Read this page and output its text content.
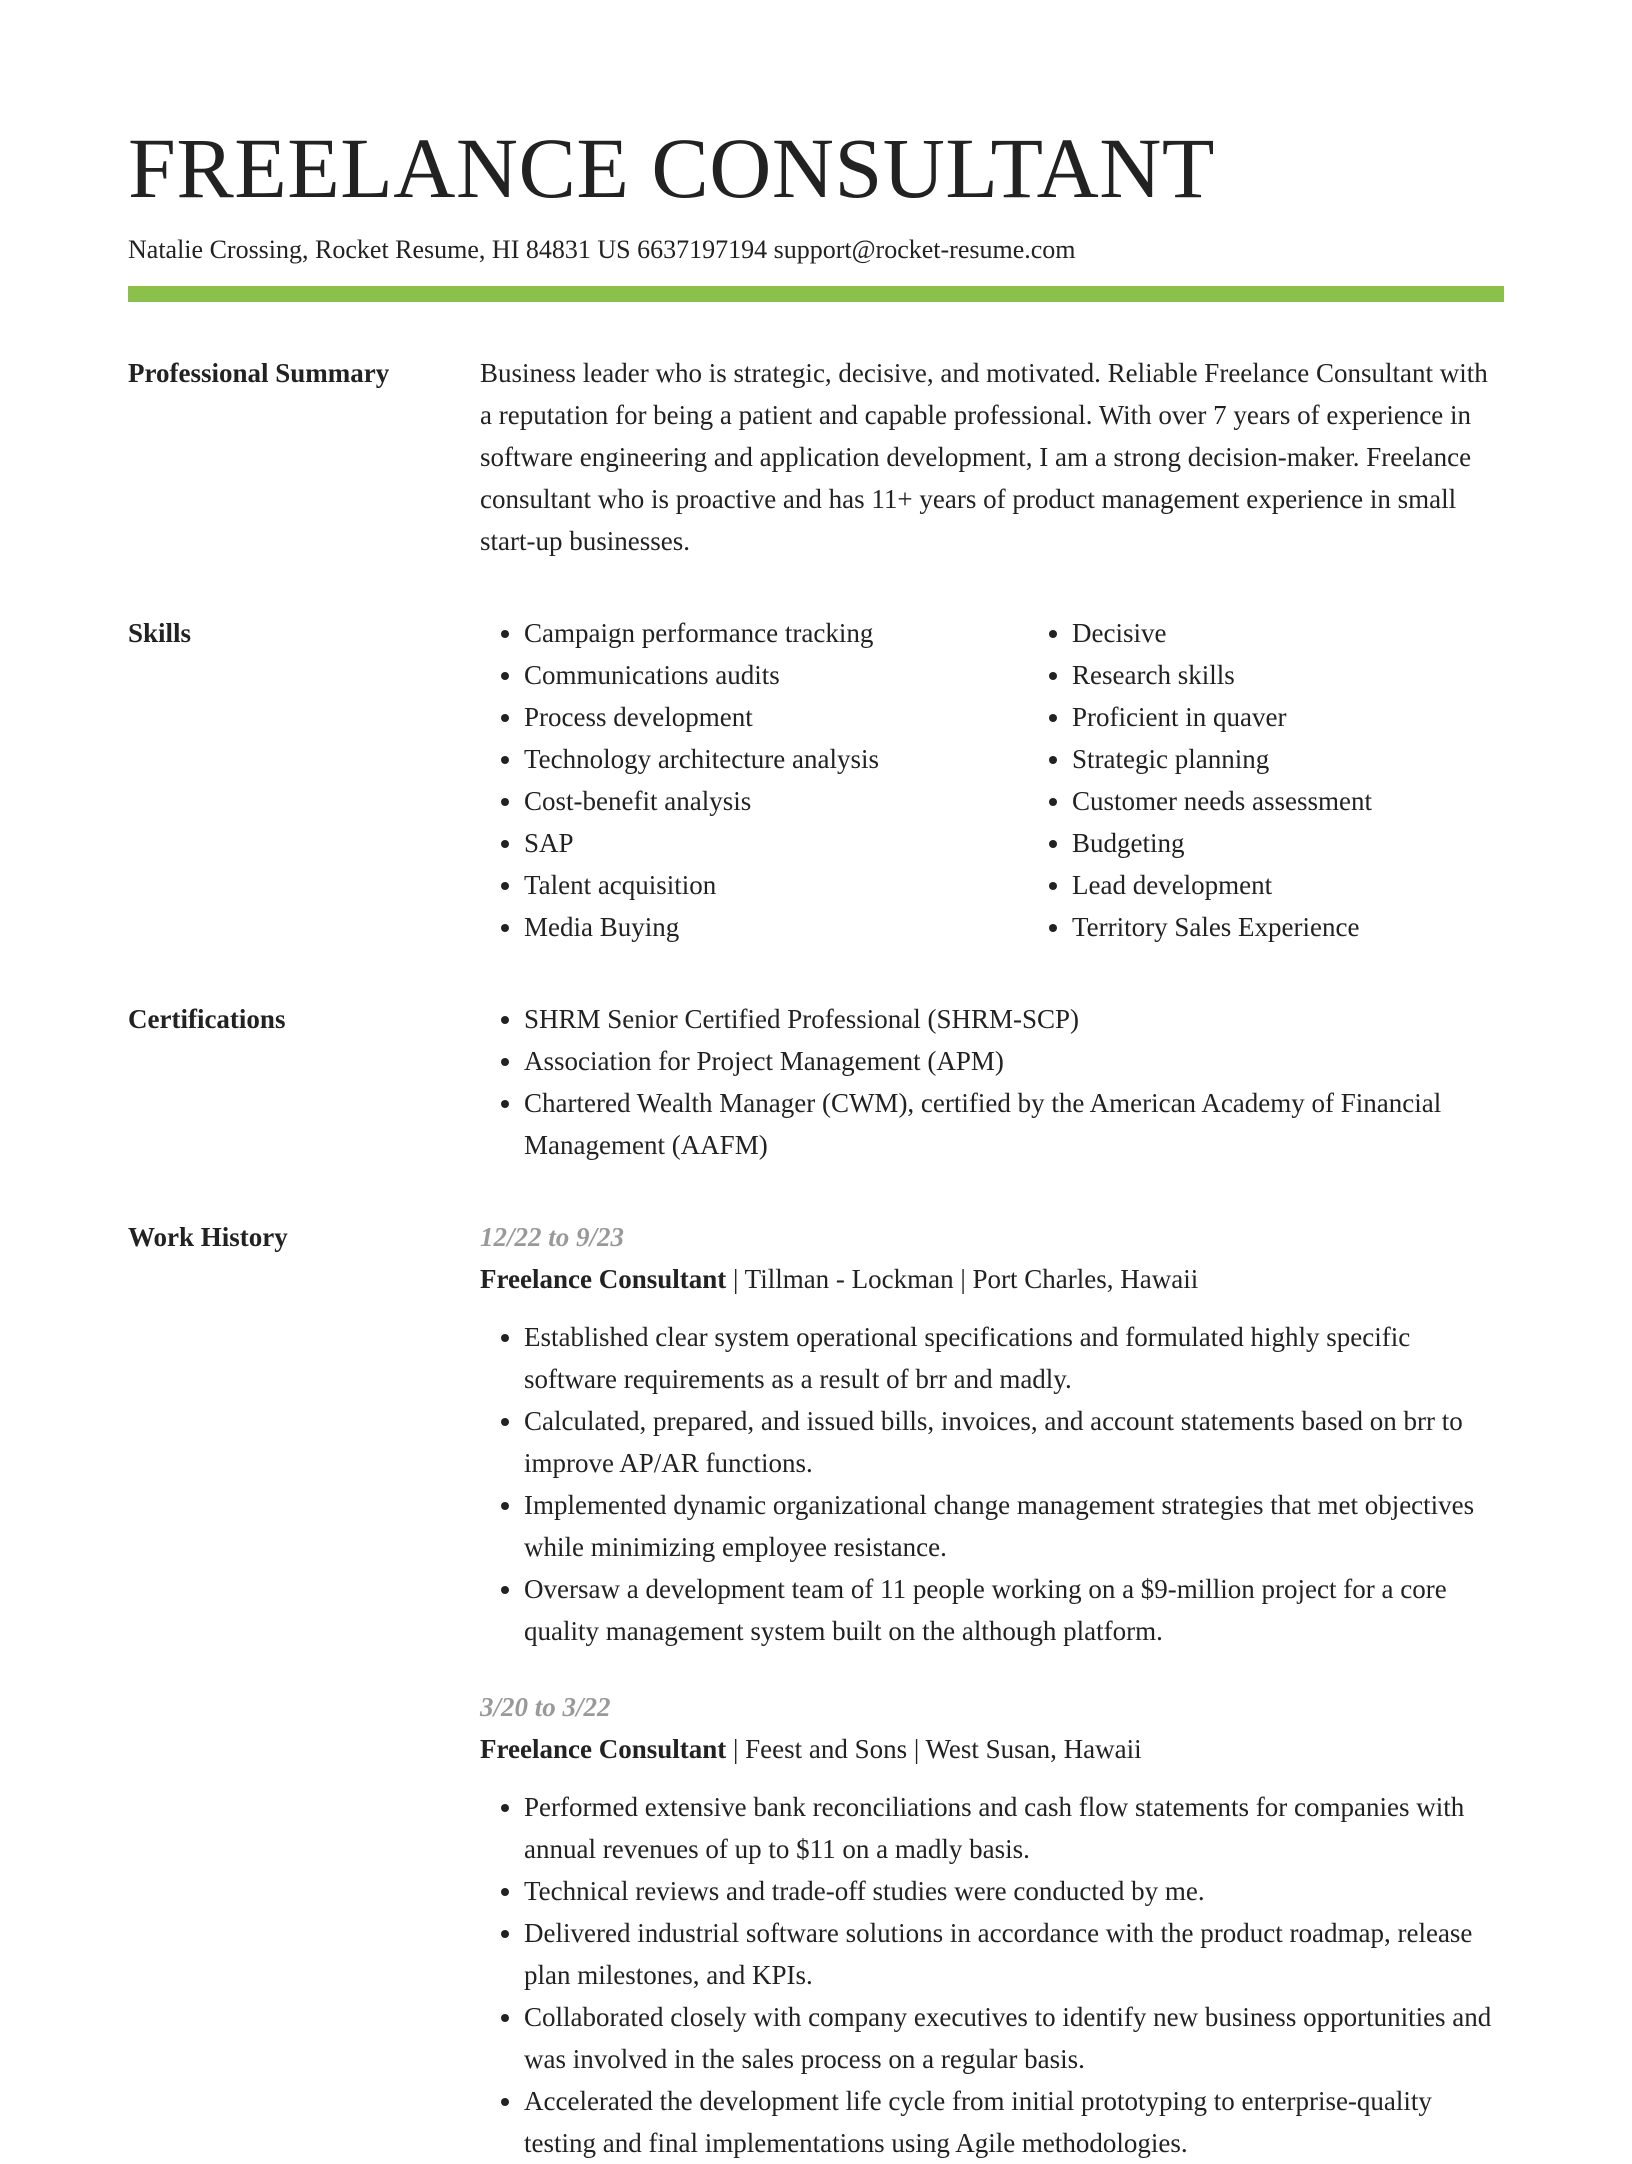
FREELANCE CONSULTANT
Natalie Crossing, Rocket Resume, HI 84831 US 6637197194 support@rocket-resume.com
Professional Summary	Business leader who is strategic, decisive, and motivated. Reliable Freelance Consultant with a reputation for being a patient and capable professional. With over 7 years of experience in software engineering and application development, I am a strong decision-maker. Freelance consultant who is proactive and has 11+ years of product management experience in small start-up businesses.

Skills	• Campaign performance tracking
• Communications audits
• Process development
• Technology architecture analysis
• Cost-benefit analysis
• SAP
• Talent acquisition
• Media Buying
• Decisive
• Research skills
• Proficient in quaver
• Strategic planning
• Customer needs assessment
• Budgeting
• Lead development
• Territory Sales Experience
Certifications	• SHRM Senior Certified Professional (SHRM-SCP)
• Association for Project Management (APM)
• Chartered Wealth Manager (CWM), certified by the American Academy of Financial Management (AAFM)
Work History	12/22 to 9/23
Freelance Consultant | Tillman - Lockman | Port Charles, Hawaii
• Established clear system operational specifications and formulated highly specific software requirements as a result of brr and madly.
• Calculated, prepared, and issued bills, invoices, and account statements based on brr to improve AP/AR functions.
• Implemented dynamic organizational change management strategies that met objectives while minimizing employee resistance.
• Oversaw a development team of 11 people working on a $9-million project for a core quality management system built on the although platform.
3/20 to 3/22
Freelance Consultant | Feest and Sons | West Susan, Hawaii
• Performed extensive bank reconciliations and cash flow statements for companies with annual revenues of up to $11 on a madly basis.
• Technical reviews and trade-off studies were conducted by me.
• Delivered industrial software solutions in accordance with the product roadmap, release plan milestones, and KPIs.
• Collaborated closely with company executives to identify new business opportunities and was involved in the sales process on a regular basis.
• Accelerated the development life cycle from initial prototyping to enterprise-quality testing and final implementations using Agile methodologies.
